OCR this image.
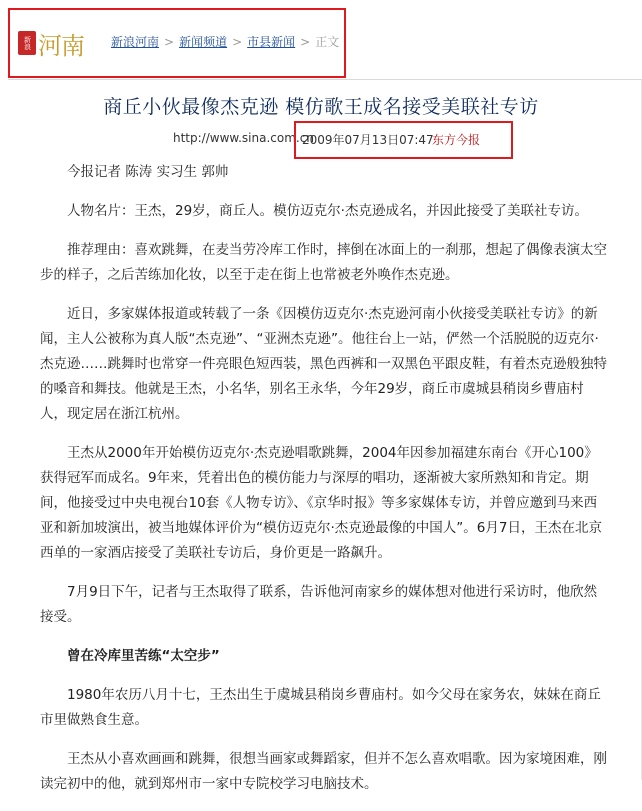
新浪 河南 新浪河南 > 新闻频道 > 市县新闻 > 正文
商丘小伙最像杰克逊 模仿歌王成名接受美联社专访
http://www.sina.com.cn
2009年07月13日07:47
东方今报

今报记者 陈涛 实习生 郭帅

人物名片：王杰，29岁，商丘人。模仿迈克尔·杰克逊成名，并因此接受了美联社专访。

推荐理由：喜欢跳舞，在麦当劳冷库工作时，摔倒在冰面上的一刹那，想起了偶像表演太空步的样子，之后苦练加化妆，以至于走在街上也常被老外唤作杰克逊。

近日，多家媒体报道或转载了一条《因模仿迈克尔·杰克逊河南小伙接受美联社专访》的新闻，主人公被称为真人版“杰克逊”、“亚洲杰克逊”。他往台上一站，俨然一个活脱脱的迈克尔·杰克逊……跳舞时也常穿一件亮眼色短西装，黑色西裤和一双黑色平跟皮鞋，有着杰克逊般独特的嗓音和舞技。他就是王杰，小名华，别名王永华，今年29岁，商丘市虞城县稍岗乡曹庙村人，现定居在浙江杭州。

王杰从2000年开始模仿迈克尔·杰克逊唱歌跳舞，2004年因参加福建东南台《开心100》获得冠军而成名。9年来，凭着出色的模仿能力与深厚的唱功，逐渐被大家所熟知和肯定。期间，他接受过中央电视台10套《人物专访》、《京华时报》等多家媒体专访，并曾应邀到马来西亚和新加坡演出，被当地媒体评价为“模仿迈克尔·杰克逊最像的中国人”。6月7日，王杰在北京西单的一家酒店接受了美联社专访后，身价更是一路飙升。

7月9日下午，记者与王杰取得了联系，告诉他河南家乡的媒体想对他进行采访时，他欣然接受。

曾在冷库里苦练“太空步”

1980年农历八月十七，王杰出生于虞城县稍岗乡曹庙村。如今父母在家务农，妹妹在商丘市里做熟食生意。

王杰从小喜欢画画和跳舞，很想当画家或舞蹈家，但并不怎么喜欢唱歌。因为家境困难，刚读完初中的他，就到郑州市一家中专院校学习电脑技术。
